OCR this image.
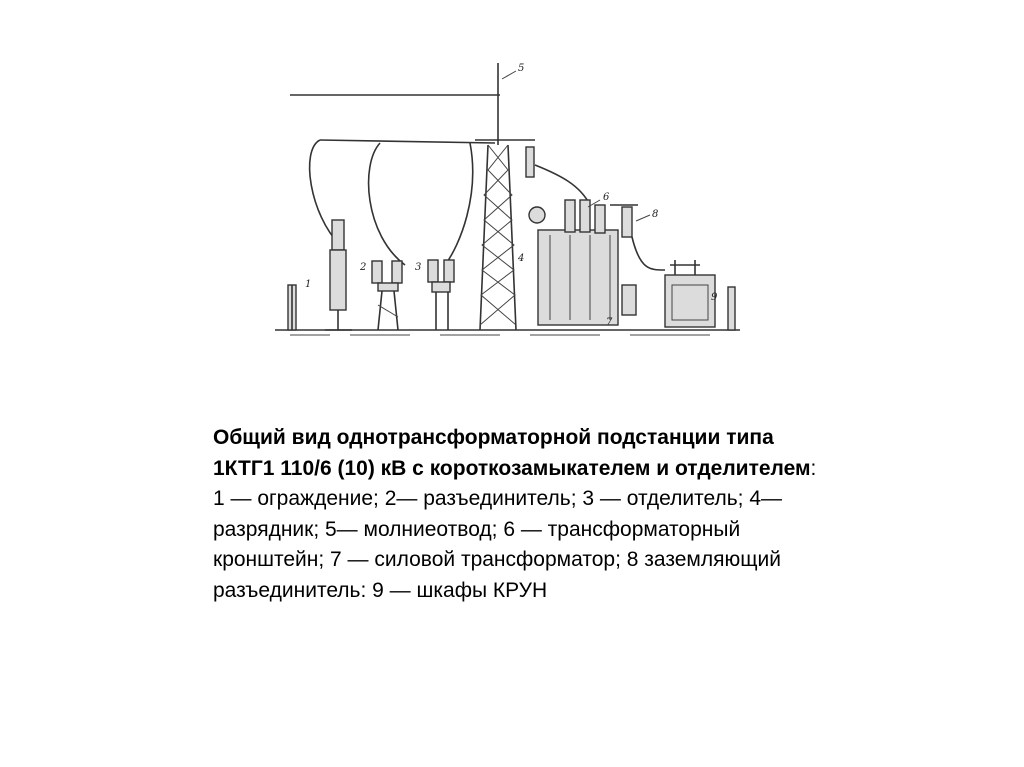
1
2	3
4
5
6
7
8
9

Общий вид однотрансформаторной подстанции типа 1КТГ1 110/6 (10) кВ с короткозамыкателем и отделителем:

1 — ограждение; 2— разъединитель; 3 — отделитель; 4— разрядник; 5— молниеотвод; 6 — трансформаторный кронштейн; 7 — силовой трансформатор; 8 заземляющий разъединитель: 9 — шкафы КРУН
